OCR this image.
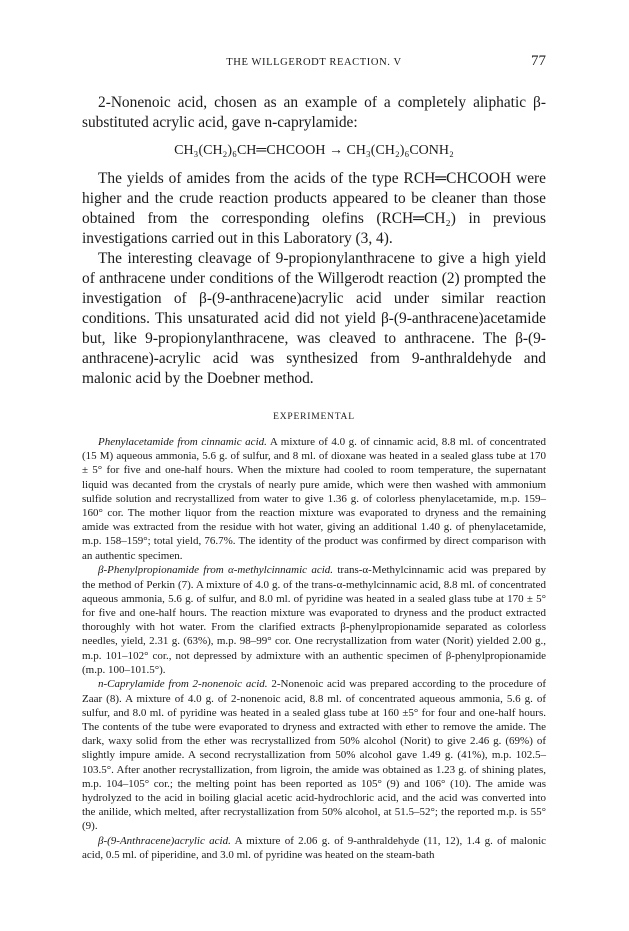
THE WILLGERODT REACTION. V	77

2-Nonenoic acid, chosen as an example of a completely aliphatic β-substituted acrylic acid, gave n-caprylamide:

CH₃(CH₂)₆CH═CHCOOH → CH₃(CH₂)₆CONH₂

The yields of amides from the acids of the type RCH═CHCOOH were higher and the crude reaction products appeared to be cleaner than those obtained from the corresponding olefins (RCH═CH₂) in previous investigations carried out in this Laboratory (3, 4).

The interesting cleavage of 9-propionylanthracene to give a high yield of anthracene under conditions of the Willgerodt reaction (2) prompted the investigation of β-(9-anthracene)acrylic acid under similar reaction conditions. This unsaturated acid did not yield β-(9-anthracene)acetamide but, like 9-propionylanthracene, was cleaved to anthracene. The β-(9-anthracene)-acrylic acid was synthesized from 9-anthraldehyde and malonic acid by the Doebner method.

EXPERIMENTAL

Phenylacetamide from cinnamic acid. A mixture of 4.0 g. of cinnamic acid, 8.8 ml. of concentrated (15 M) aqueous ammonia, 5.6 g. of sulfur, and 8 ml. of dioxane was heated in a sealed glass tube at 170 ± 5° for five and one-half hours. When the mixture had cooled to room temperature, the supernatant liquid was decanted from the crystals of nearly pure amide, which were then washed with ammonium sulfide solution and recrystallized from water to give 1.36 g. of colorless phenylacetamide, m.p. 159–160° cor. The mother liquor from the reaction mixture was evaporated to dryness and the remaining amide was extracted from the residue with hot water, giving an additional 1.40 g. of phenylacetamide, m.p. 158–159°; total yield, 76.7%. The identity of the product was confirmed by direct comparison with an authentic specimen.

β-Phenylpropionamide from α-methylcinnamic acid. trans-α-Methylcinnamic acid was prepared by the method of Perkin (7). A mixture of 4.0 g. of the trans-α-methylcinnamic acid, 8.8 ml. of concentrated aqueous ammonia, 5.6 g. of sulfur, and 8.0 ml. of pyridine was heated in a sealed glass tube at 170 ± 5° for five and one-half hours. The reaction mixture was evaporated to dryness and the product extracted thoroughly with hot water. From the clarified extracts β-phenylpropionamide separated as colorless needles, yield, 2.31 g. (63%), m.p. 98–99° cor. One recrystallization from water (Norit) yielded 2.00 g., m.p. 101–102° cor., not depressed by admixture with an authentic specimen of β-phenylpropionamide (m.p. 100–101.5°).

n-Caprylamide from 2-nonenoic acid. 2-Nonenoic acid was prepared according to the procedure of Zaar (8). A mixture of 4.0 g. of 2-nonenoic acid, 8.8 ml. of concentrated aqueous ammonia, 5.6 g. of sulfur, and 8.0 ml. of pyridine was heated in a sealed glass tube at 160 ±5° for four and one-half hours. The contents of the tube were evaporated to dryness and extracted with ether to remove the amide. The dark, waxy solid from the ether was recrystallized from 50% alcohol (Norit) to give 2.46 g. (69%) of slightly impure amide. A second recrystallization from 50% alcohol gave 1.49 g. (41%), m.p. 102.5–103.5°. After another recrystallization, from ligroin, the amide was obtained as 1.23 g. of shining plates, m.p. 104–105° cor.; the melting point has been reported as 105° (9) and 106° (10). The amide was hydrolyzed to the acid in boiling glacial acetic acid-hydrochloric acid, and the acid was converted into the anilide, which melted, after recrystallization from 50% alcohol, at 51.5–52°; the reported m.p. is 55° (9).

β-(9-Anthracene)acrylic acid. A mixture of 2.06 g. of 9-anthraldehyde (11, 12), 1.4 g. of malonic acid, 0.5 ml. of piperidine, and 3.0 ml. of pyridine was heated on the steam-bath
